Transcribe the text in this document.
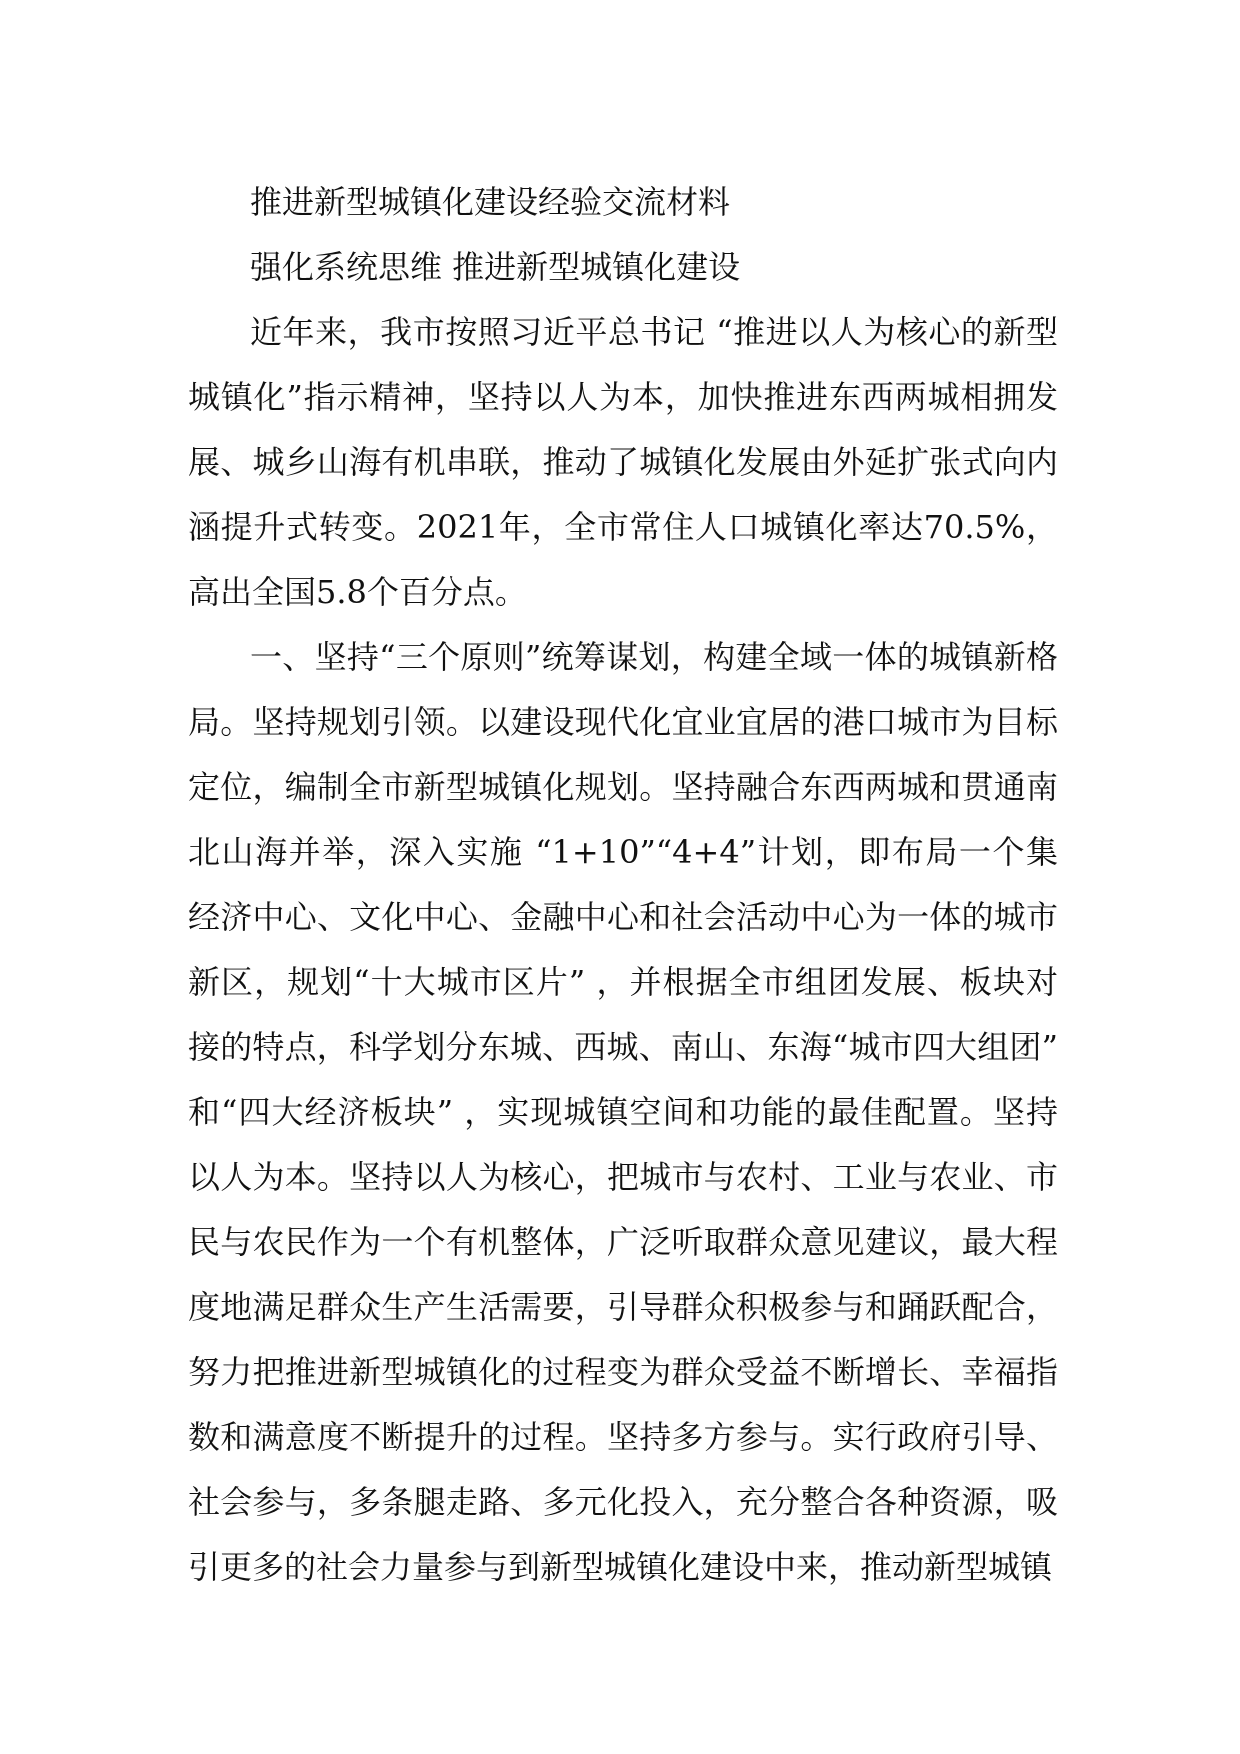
推进新型城镇化建设经验交流材料

强化系统思维 推进新型城镇化建设

近年来，我市按照习近平总书记 “推进以人为核心的新型城镇化”指示精神，坚持以人为本，加快推进东西两城相拥发展、城乡山海有机串联，推动了城镇化发展由外延扩张式向内涵提升式转变。2021年，全市常住人口城镇化率达70.5%，高出全国5.8个百分点。

一、坚持“三个原则”统筹谋划，构建全域一体的城镇新格局。坚持规划引领。以建设现代化宜业宜居的港口城市为目标定位，编制全市新型城镇化规划。坚持融合东西两城和贯通南北山海并举，深入实施 “1+10”“4+4”计划，即布局一个集经济中心、文化中心、金融中心和社会活动中心为一体的城市新区，规划“十大城市区片” ，并根据全市组团发展、板块对接的特点，科学划分东城、西城、南山、东海“城市四大组团” 和“四大经济板块” ，实现城镇空间和功能的最佳配置。坚持以人为本。坚持以人为核心，把城市与农村、工业与农业、市民与农民作为一个有机整体，广泛听取群众意见建议，最大程度地满足群众生产生活需要，引导群众积极参与和踊跃配合，努力把推进新型城镇化的过程变为群众受益不断增长、幸福指数和满意度不断提升的过程。坚持多方参与。实行政府引导、社会参与，多条腿走路、多元化投入，充分整合各种资源，吸引更多的社会力量参与到新型城镇化建设中来，推动新型城镇
